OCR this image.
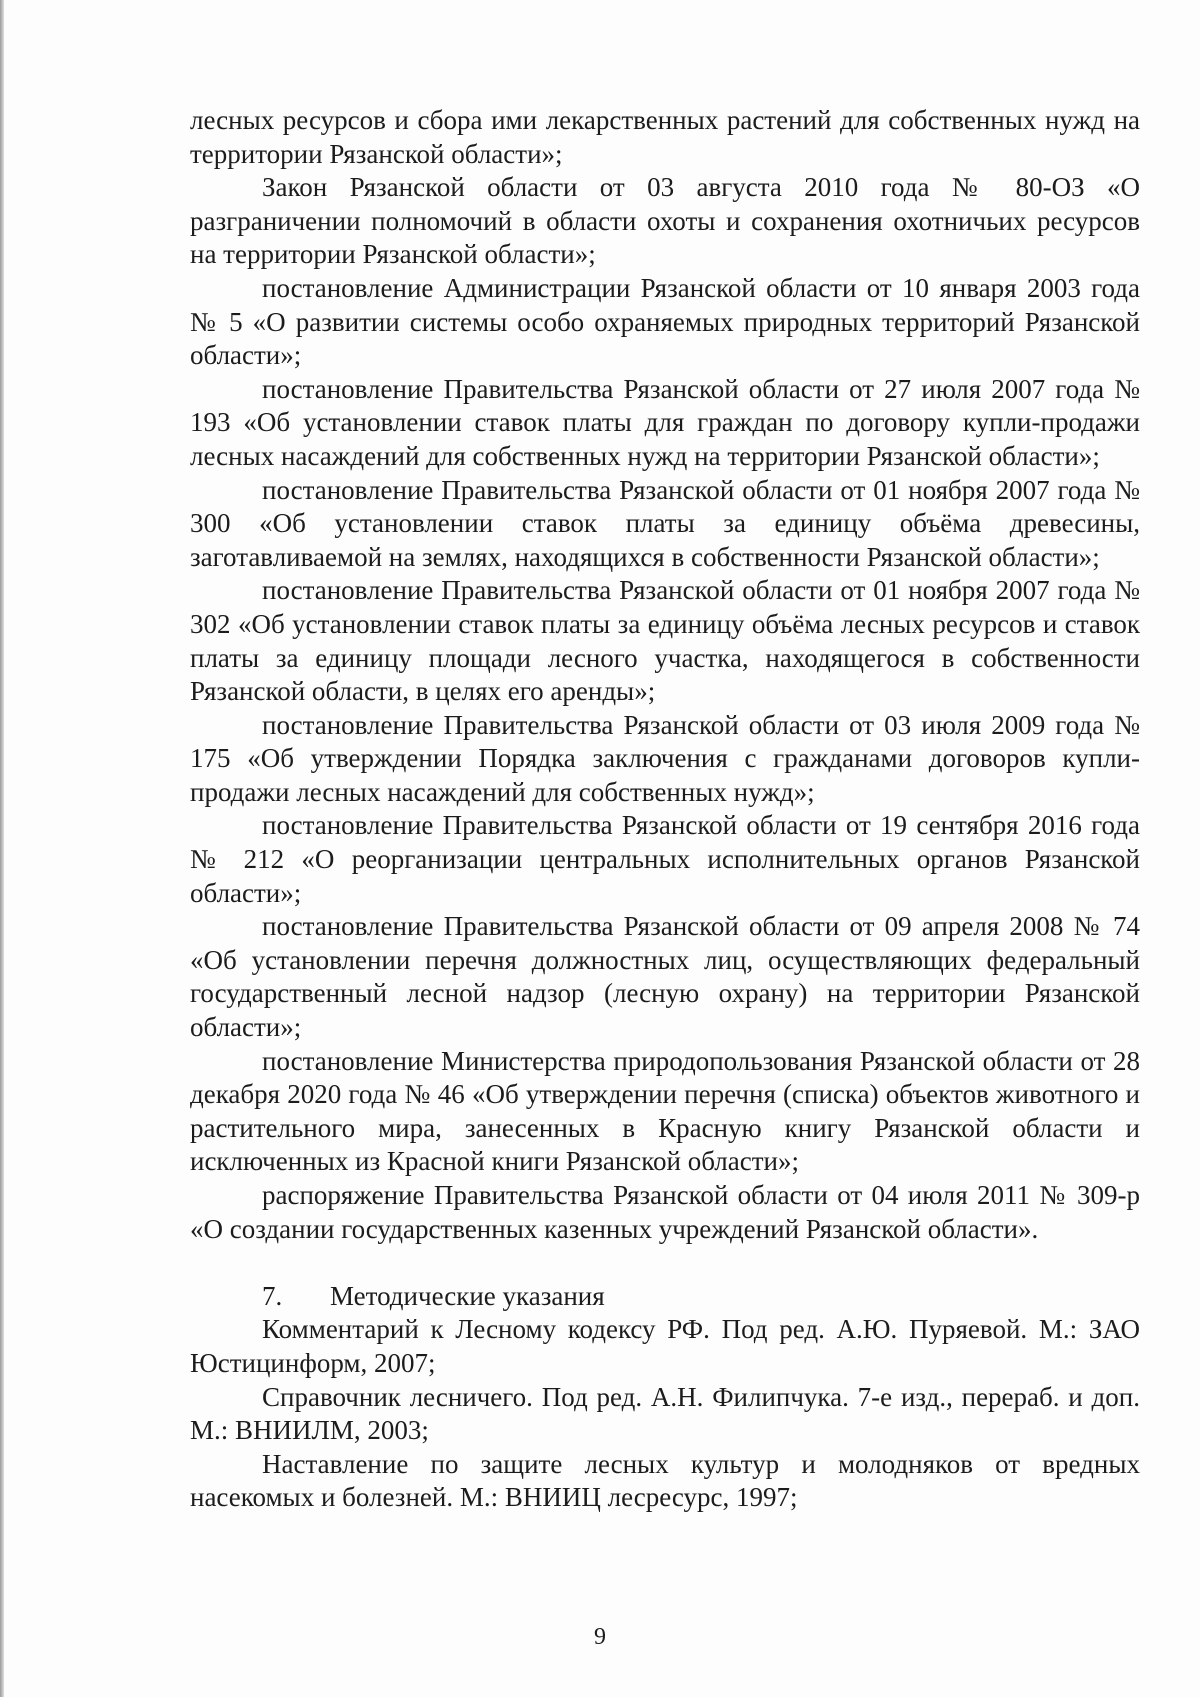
лесных ресурсов и сбора ими лекарственных растений для собственных нужд на территории Рязанской области»;

Закон Рязанской области от 03 августа 2010 года № 80-ОЗ «О разграничении полномочий в области охоты и сохранения охотничьих ресурсов на территории Рязанской области»;

постановление Администрации Рязанской области от 10 января 2003 года № 5 «О развитии системы особо охраняемых природных территорий Рязанской области»;

постановление Правительства Рязанской области от 27 июля 2007 года № 193 «Об установлении ставок платы для граждан по договору купли-продажи лесных насаждений для собственных нужд на территории Рязанской области»;

постановление Правительства Рязанской области от 01 ноября 2007 года № 300 «Об установлении ставок платы за единицу объёма древесины, заготавливаемой на землях, находящихся в собственности Рязанской области»;

постановление Правительства Рязанской области от 01 ноября 2007 года № 302 «Об установлении ставок платы за единицу объёма лесных ресурсов и ставок платы за единицу площади лесного участка, находящегося в собственности Рязанской области, в целях его аренды»;

постановление Правительства Рязанской области от 03 июля 2009 года № 175 «Об утверждении Порядка заключения с гражданами договоров купли-продажи лесных насаждений для собственных нужд»;

постановление Правительства Рязанской области от 19 сентября 2016 года № 212 «О реорганизации центральных исполнительных органов Рязанской области»;

постановление Правительства Рязанской области от 09 апреля 2008 № 74 «Об установлении перечня должностных лиц, осуществляющих федеральный государственный лесной надзор (лесную охрану) на территории Рязанской области»;

постановление Министерства природопользования Рязанской области от 28 декабря 2020 года № 46 «Об утверждении перечня (списка) объектов животного и растительного мира, занесенных в Красную книгу Рязанской области и исключенных из Красной книги Рязанской области»;

распоряжение Правительства Рязанской области от 04 июля 2011 № 309-р «О создании государственных казенных учреждений Рязанской области».

7. Методические указания

Комментарий к Лесному кодексу РФ. Под ред. А.Ю. Пуряевой. М.: ЗАО Юстицинформ, 2007;

Справочник лесничего. Под ред. А.Н. Филипчука. 7-е изд., перераб. и доп. М.: ВНИИЛМ, 2003;

Наставление по защите лесных культур и молодняков от вредных насекомых и болезней. М.: ВНИИЦ лесресурс, 1997;

9
